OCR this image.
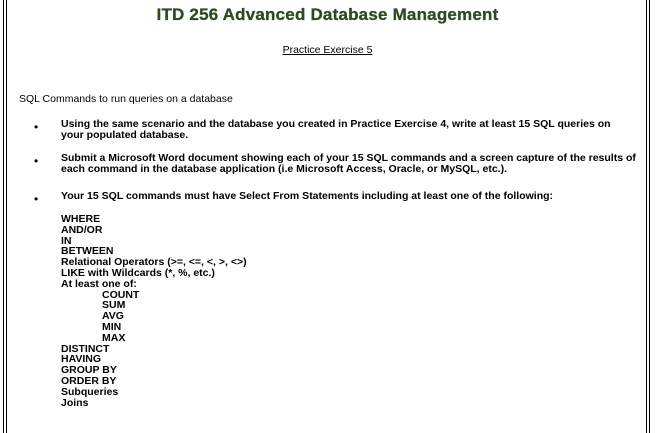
ITD 256 Advanced Database Management
Practice Exercise 5
SQL Commands to run queries on a database
• Using the same scenario and the database you created in Practice Exercise 4, write at least 15 SQL queries on your populated database.
• Submit a Microsoft Word document showing each of your 15 SQL commands and a screen capture of the results of each command in the database application (i.e Microsoft Access, Oracle, or MySQL, etc.).
• Your 15 SQL commands must have Select From Statements including at least one of the following:
WHERE
AND/OR
IN
BETWEEN
Relational Operators (>=, <=, <, >, <>)
LIKE with Wildcards (*, %, etc.)
At least one of:
COUNT
SUM
AVG
MIN
MAX
DISTINCT
HAVING
GROUP BY
ORDER BY
Subqueries
Joins
